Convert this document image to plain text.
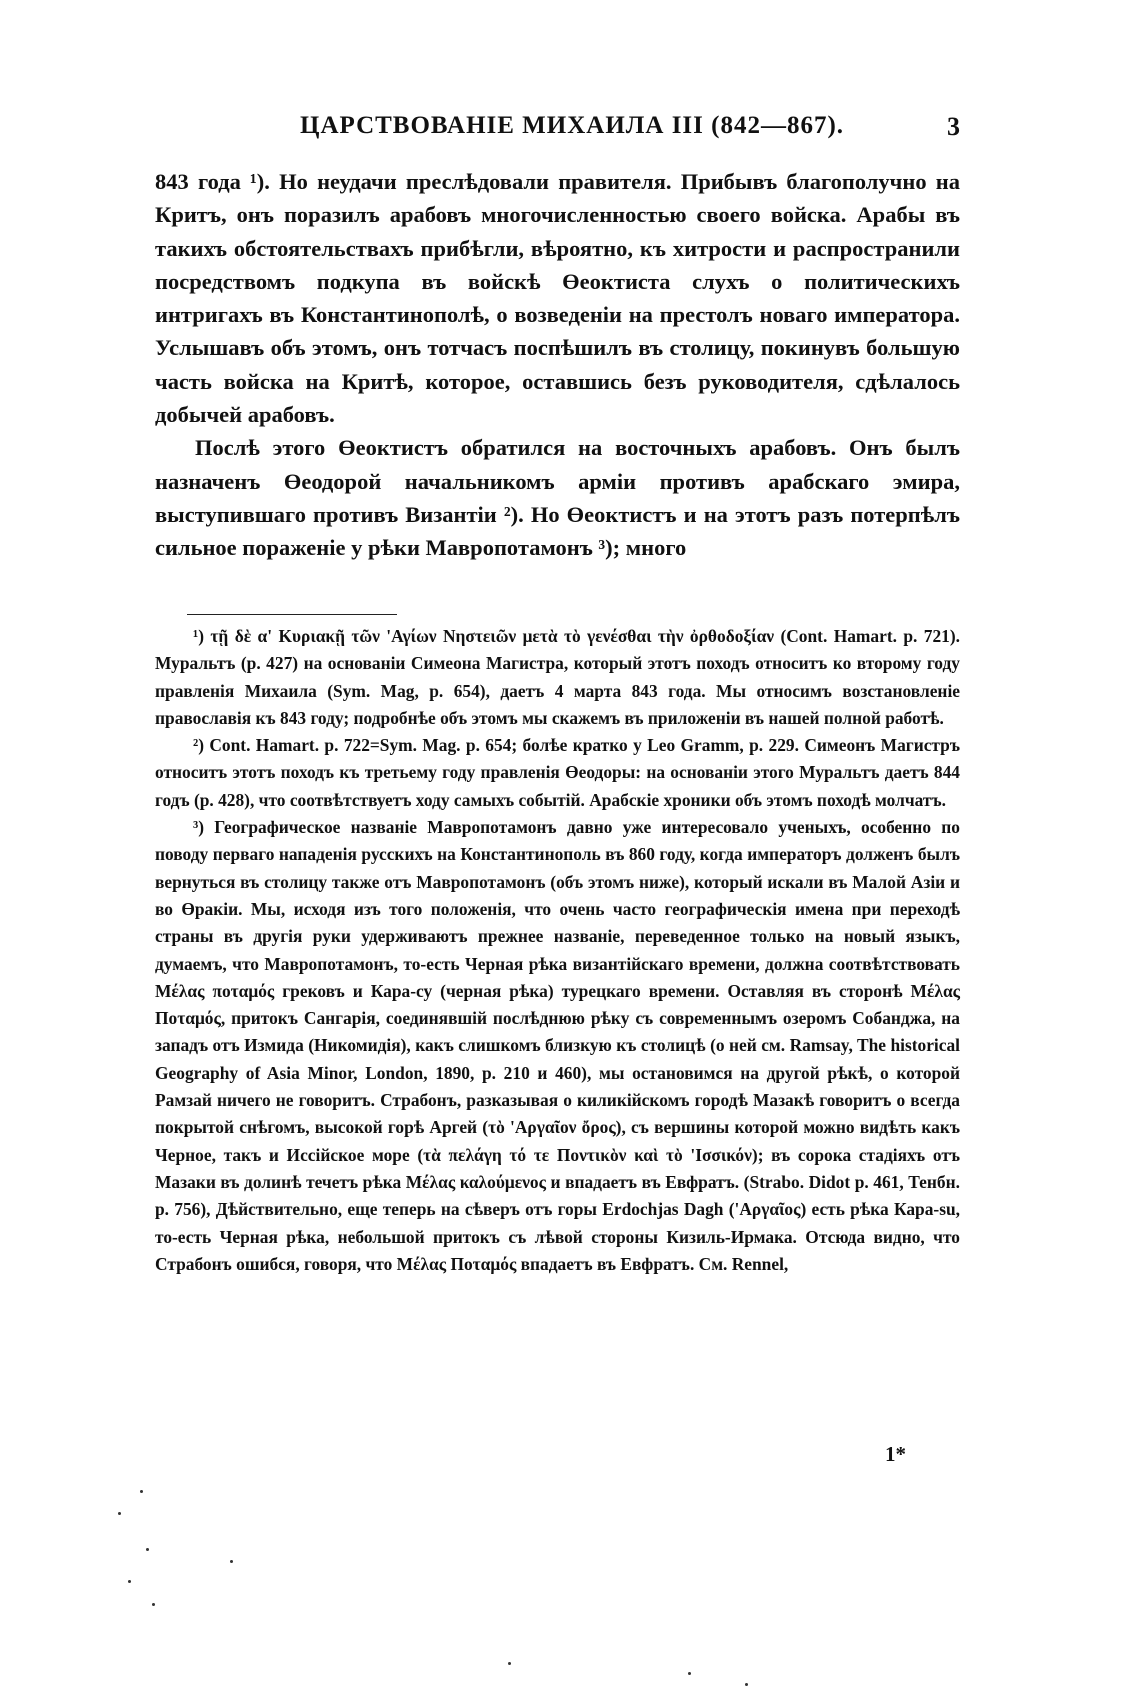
ЦАРСТВОВАНІЕ МИХАИЛА III (842—867).	3

843 года ¹). Но неудачи преслѣдовали правителя. Прибывъ благополучно на Критъ, онъ поразилъ арабовъ многочисленностью своего войска. Арабы въ такихъ обстоятельствахъ прибѣгли, вѣроятно, къ хитрости и распространили посредствомъ подкупа въ войскѣ Өеоктиста слухъ о политическихъ интригахъ въ Константинополѣ, о возведеніи на престолъ новаго императора. Услышавъ объ этомъ, онъ тотчасъ поспѣшилъ въ столицу, покинувъ большую часть войска на Критѣ, которое, оставшись безъ руководителя, сдѣлалось добычей арабовъ.

Послѣ этого Өеоктистъ обратился на восточныхъ арабовъ. Онъ былъ назначенъ Өеодорой начальникомъ арміи противъ арабскаго эмира, выступившаго противъ Византіи ²). Но Өеоктистъ и на этотъ разъ потерпѣлъ сильное пораженіе у рѣки Мавропотамонъ ³); много

¹) τῇ δὲ α' Κυριακῇ τῶν 'Αγίων Νηστειῶν μετὰ τὸ γενέσθαι τὴν ὀρθοδοξίαν (Cont. Hamart. p. 721). Муральтъ (p. 427) на основаніи Симеона Магистра, который этотъ походъ относитъ ко второму году правленія Михаила (Sym. Mag, p. 654), даетъ 4 марта 843 года. Мы относимъ возстановленіе православія къ 843 году; подробнѣе объ этомъ мы скажемъ въ приложеніи въ нашей полной работѣ.

²) Cont. Hamart. p. 722=Sym. Mag. p. 654; болѣе кратко у Leo Gramm, p. 229. Симеонъ Магистръ относитъ этотъ походъ къ третьему году правленія Өеодоры: на основаніи этого Муральтъ даетъ 844 годъ (p. 428), что соотвѣтствуетъ ходу самыхъ событій. Арабскіе хроники объ этомъ походѣ молчатъ.

³) Географическое названіе Мавропотамонъ давно уже интересовало ученыхъ, особенно по поводу перваго нападенія русскихъ на Константинополь въ 860 году, когда императоръ долженъ былъ вернуться въ столицу также отъ Мавропотамонъ (объ этомъ ниже), который искали въ Малой Азіи и во Өракіи. Мы, исходя изъ того положенія, что очень часто географическія имена при переходѣ страны въ другія руки удерживаютъ прежнее названіе, переведенное только на новый языкъ, думаемъ, что Мавропотамонъ, то-есть Черная рѣка византійскаго времени, должна соотвѣтствовать Μέλας ποταμός грековъ и Кара-су (черная рѣка) турецкаго времени. Оставляя въ сторонѣ Μέλας Ποταμός, притокъ Сангарія, соединявшій послѣднюю рѣку съ современнымъ озеромъ Собанджа, на западъ отъ Измида (Никомидія), какъ слишкомъ близкую къ столицѣ (о ней см. Ramsay, The historical Geography of Asia Minor, London, 1890, p. 210 и 460), мы остановимся на другой рѣкѣ, о которой Рамзай ничего не говоритъ. Страбонъ, разказывая о киликійскомъ городѣ Мазакѣ говоритъ о всегда покрытой снѣгомъ, высокой горѣ Аргей (τὸ 'Αργαῖον ὄρος), съ вершины которой можно видѣть какъ Черное, такъ и Иссійское море (τὰ πελάγη τό τε Ποντικὸν καὶ τὸ 'Ισσικόν); въ сорока стадіяхъ отъ Мазаки въ долинѣ течетъ рѣка Μέλας καλούμενος и впадаетъ въ Евфратъ. (Strabo. Didot p. 461, Тенбн. p. 756), Дѣйствительно, еще теперь на сѣверъ отъ горы Erdochjas Dagh ('Αργαῖος) есть рѣка Кара-su, то-есть Черная рѣка, небольшой притокъ съ лѣвой стороны Кизиль-Ирмака. Отсюда видно, что Страбонъ ошибся, говоря, что Μέλας Ποταμός впадаетъ въ Евфратъ. См. Rennel,

1*
